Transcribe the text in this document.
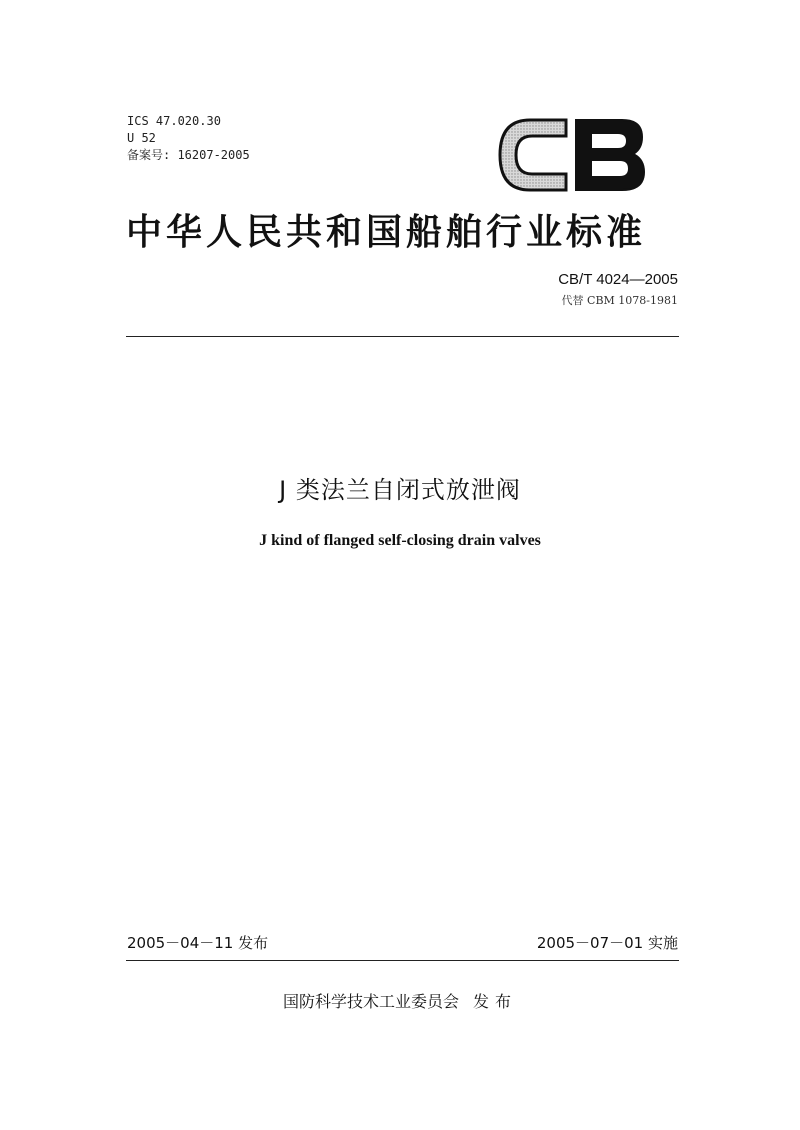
ICS 47.020.30
U 52
备案号: 16207-2005
中华人民共和国船舶行业标准
CB/T 4024—2005
代替 CBM 1078-1981
J 类法兰自闭式放泄阀
J kind of flanged self-closing drain valves
2005－04－11 发布	2005－07－01 实施
国防科学技术工业委员会 发布
